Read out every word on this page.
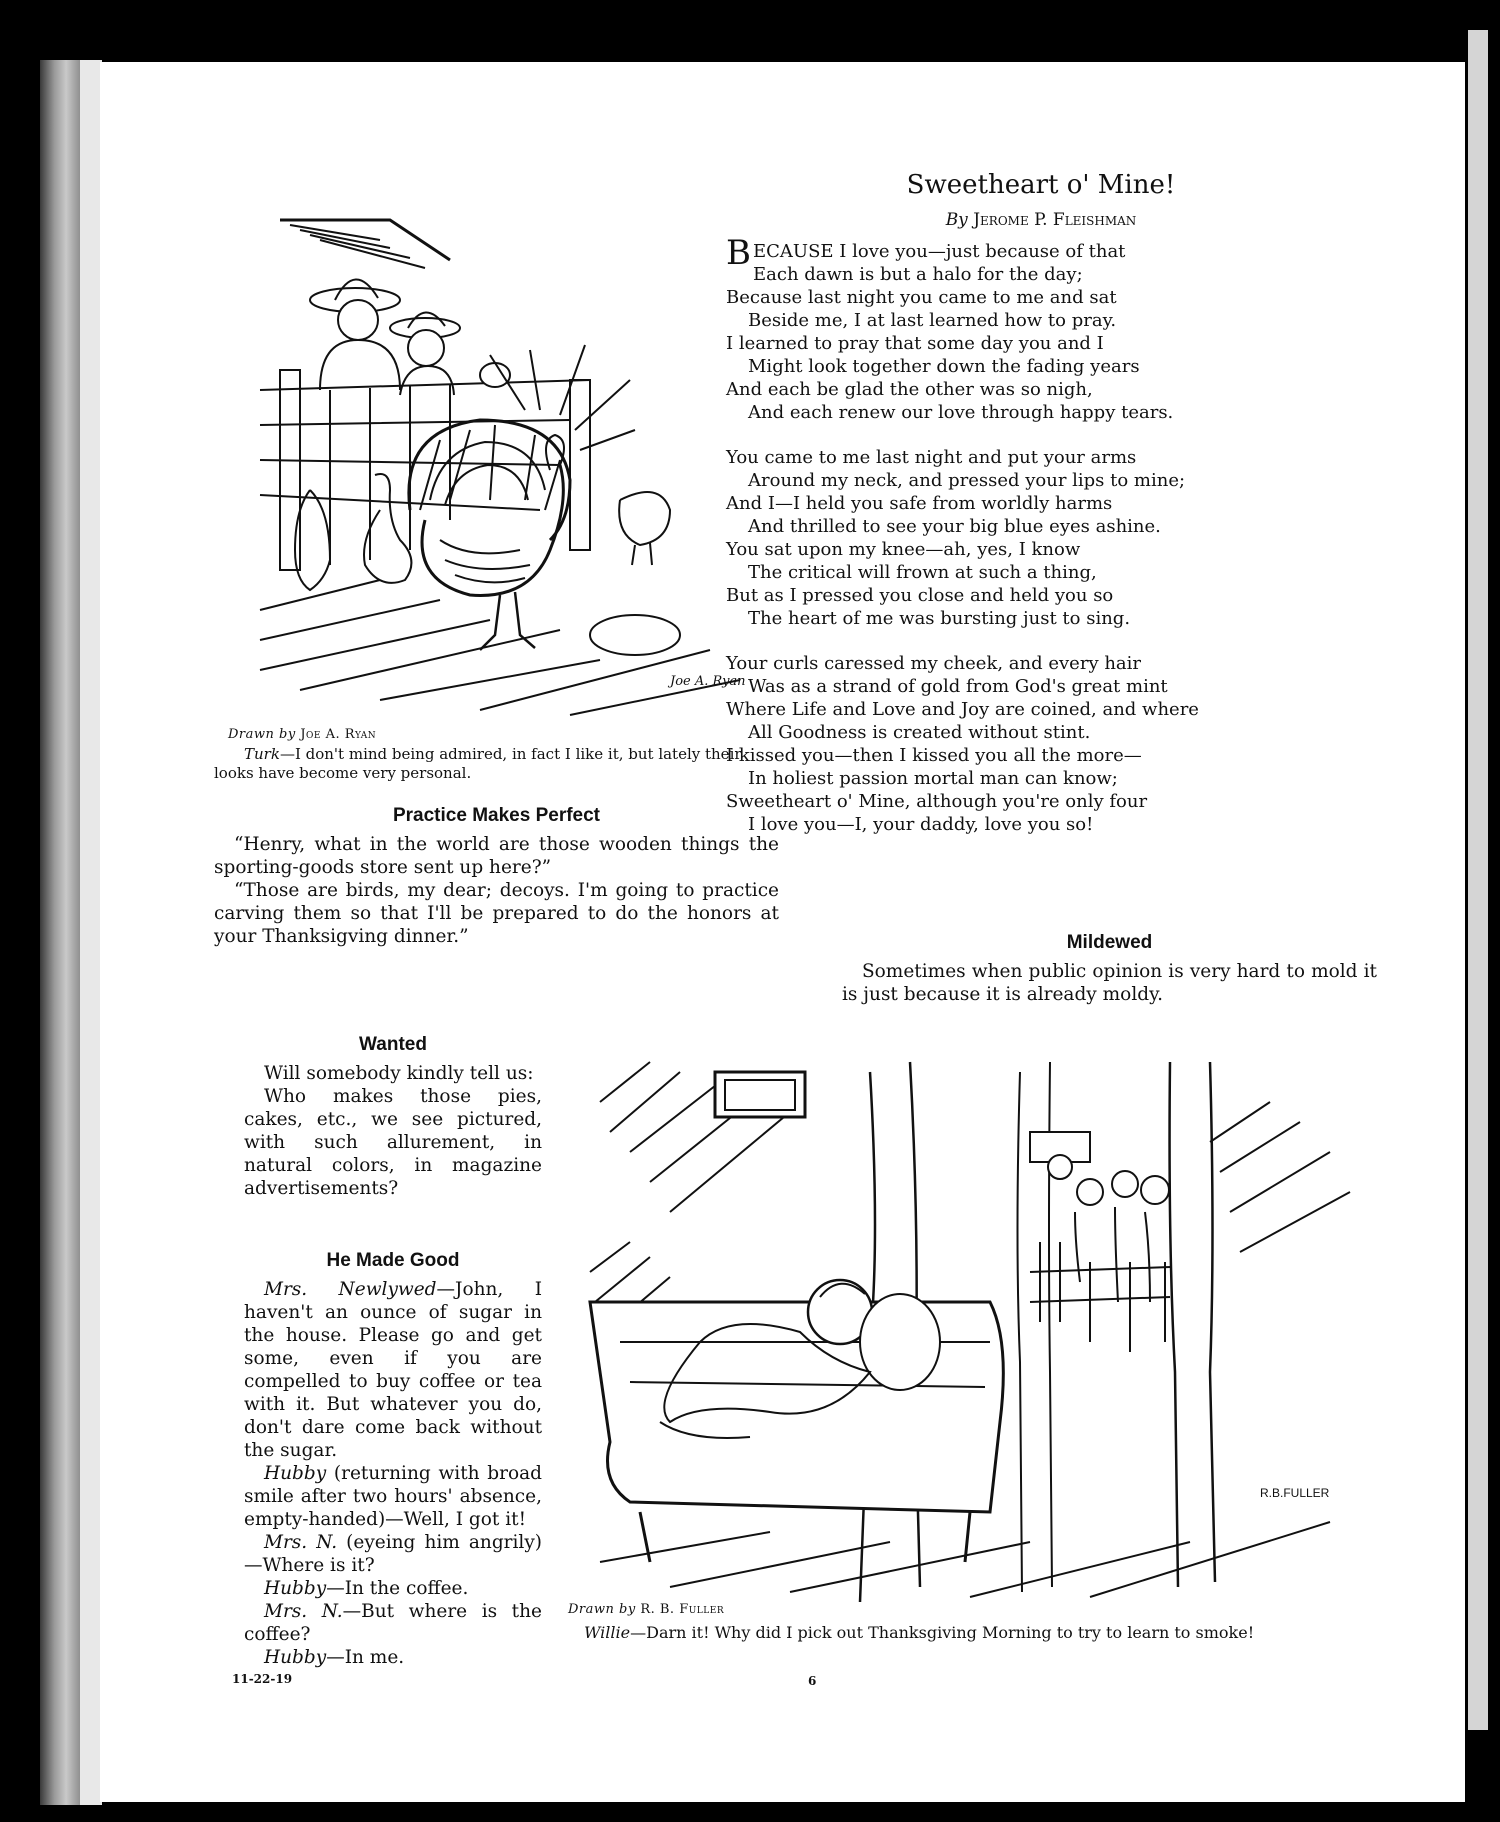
Joe A. Ryan
Drawn by Joe A. Ryan
Turk—I don't mind being admired, in fact I like it, but lately their looks have become very personal.
Practice Makes Perfect

“Henry, what in the world are those wooden things the sporting-goods store sent up here?”

“Those are birds, my dear; decoys. I'm going to practice carving them so that I'll be prepared to do the honors at your Thanksigving dinner.”

Sweetheart o' Mine!
By Jerome P. Fleishman

BECAUSE I love you—just because of that

Each dawn is but a halo for the day;

Because last night you came to me and sat

Beside me, I at last learned how to pray.

I learned to pray that some day you and I

Might look together down the fading years

And each be glad the other was so nigh,

And each renew our love through happy tears.

You came to me last night and put your arms

Around my neck, and pressed your lips to mine;

And I—I held you safe from worldly harms

And thrilled to see your big blue eyes ashine.

You sat upon my knee—ah, yes, I know

The critical will frown at such a thing,

But as I pressed you close and held you so

The heart of me was bursting just to sing.

Your curls caressed my cheek, and every hair

Was as a strand of gold from God's great mint

Where Life and Love and Joy are coined, and where

All Goodness is created without stint.

I kissed you—then I kissed you all the more—

In holiest passion mortal man can know;

Sweetheart o' Mine, although you're only four

I love you—I, your daddy, love you so!

Mildewed

Sometimes when public opinion is very hard to mold it is just because it is already moldy.

Wanted

Will somebody kindly tell us:

Who makes those pies, cakes, etc., we see pictured, with such allurement, in natural colors, in magazine advertisements?

He Made Good

Mrs. Newlywed—John, I haven't an ounce of sugar in the house. Please go and get some, even if you are compelled to buy coffee or tea with it. But whatever you do, don't dare come back without the sugar.

Hubby (returning with broad smile after two hours' absence, empty-handed)—Well, I got it!

Mrs. N. (eyeing him angrily)—Where is it?

Hubby—In the coffee.

Mrs. N.—But where is the coffee?

Hubby—In me.

R.B.FULLER
Drawn by R. B. Fuller
Willie—Darn it! Why did I pick out Thanksgiving Morning to try to learn to smoke!
11-22-19	6
comicbooks.com
